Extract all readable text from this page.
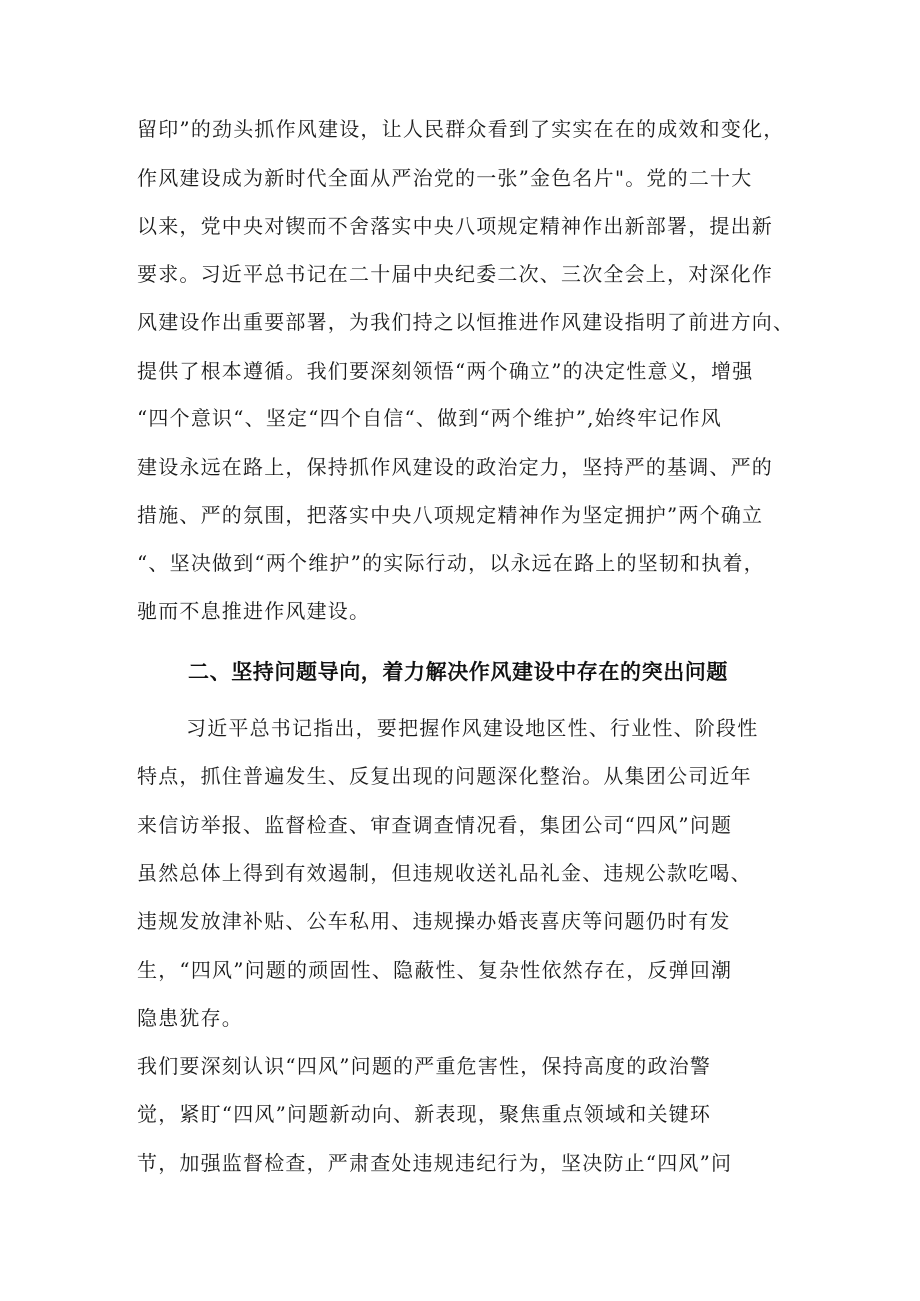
留印”的劲头抓作风建设，让人民群众看到了实实在在的成效和变化，
作风建设成为新时代全面从严治党的一张”金色名片"。党的二十大
以来，党中央对锲而不舍落实中央八项规定精神作出新部署，提出新
要求。习近平总书记在二十届中央纪委二次、三次全会上，对深化作
风建设作出重要部署，为我们持之以恒推进作风建设指明了前进方向、
提供了根本遵循。我们要深刻领悟“两个确立”的决定性意义，增强
“四个意识“、坚定“四个自信“、做到“两个维护”,始终牢记作风
建设永远在路上，保持抓作风建设的政治定力，坚持严的基调、严的
措施、严的氛围，把落实中央八项规定精神作为坚定拥护”两个确立
“、坚决做到“两个维护”的实际行动，以永远在路上的坚韧和执着，
驰而不息推进作风建设。
二、坚持问题导向，着力解决作风建设中存在的突出问题
习近平总书记指出，要把握作风建设地区性、行业性、阶段性
特点，抓住普遍发生、反复出现的问题深化整治。从集团公司近年
来信访举报、监督检查、审查调查情况看，集团公司“四风”问题
虽然总体上得到有效遏制，但违规收送礼品礼金、违规公款吃喝、
违规发放津补贴、公车私用、违规操办婚丧喜庆等问题仍时有发
生，“四风”问题的顽固性、隐蔽性、复杂性依然存在，反弹回潮
隐患犹存。
我们要深刻认识“四风”问题的严重危害性，保持高度的政治警
觉，紧盯“四风”问题新动向、新表现，聚焦重点领域和关键环
节，加强监督检查，严肃查处违规违纪行为，坚决防止“四风”问
